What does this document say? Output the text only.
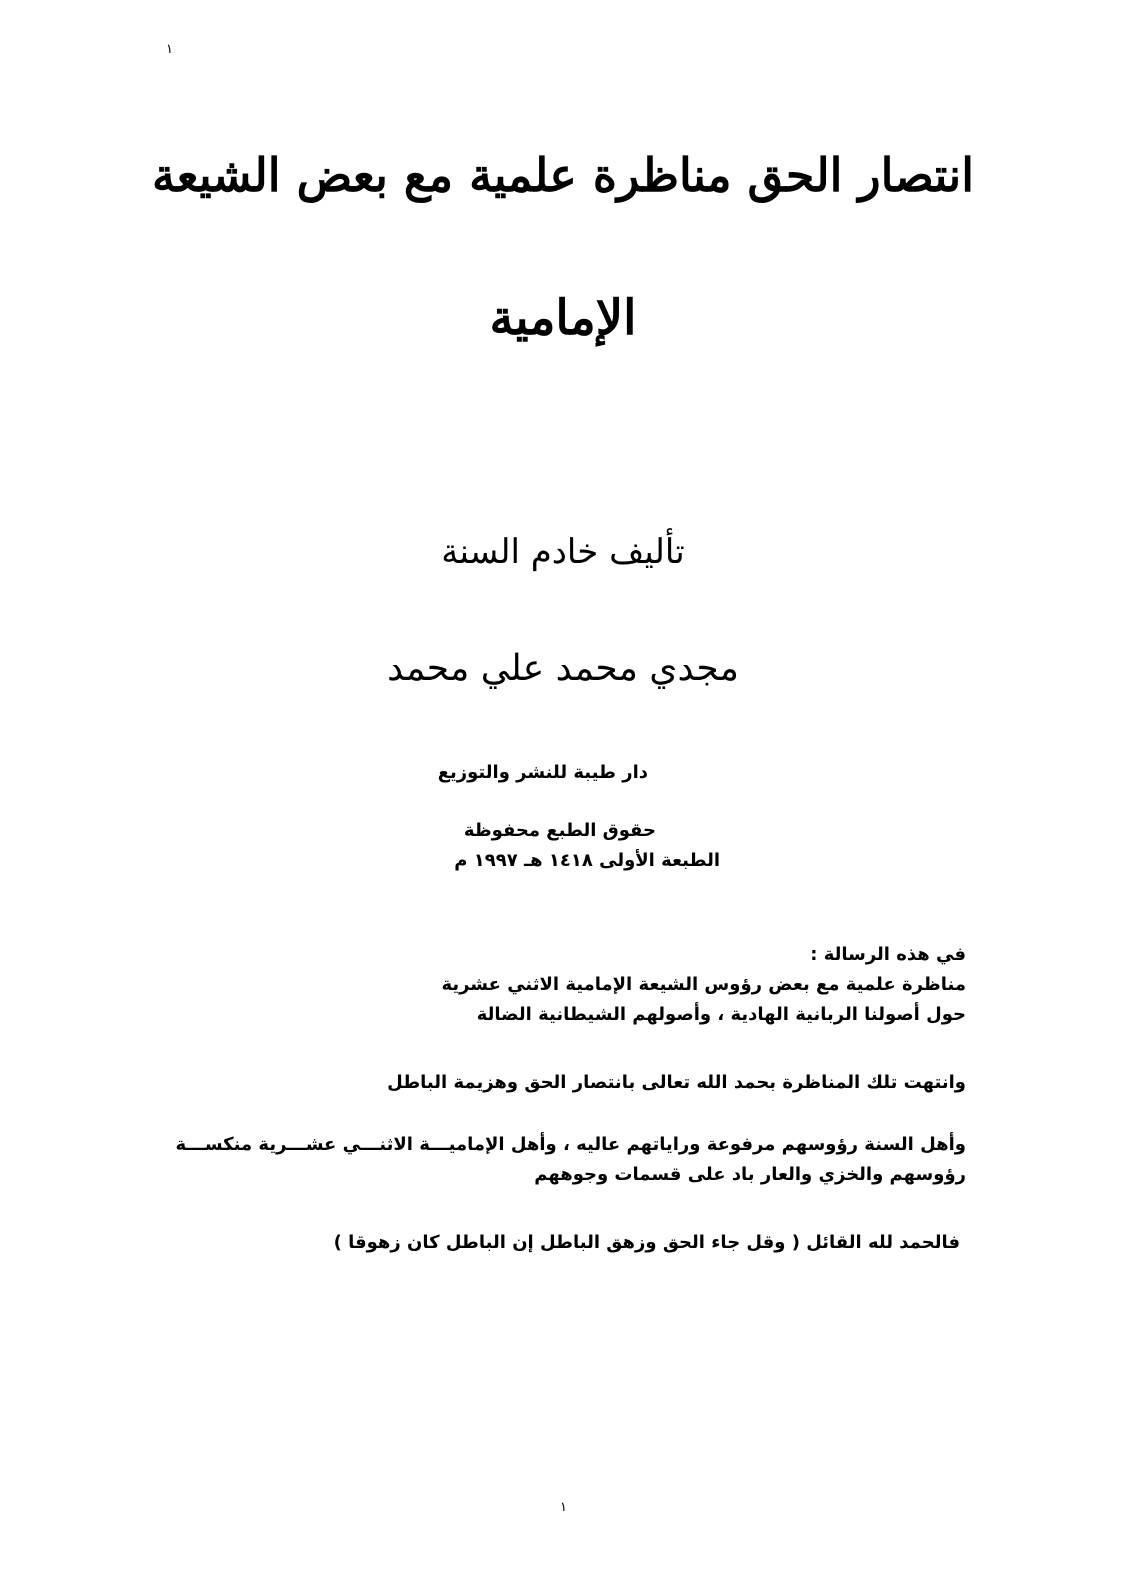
١
انتصار الحق مناظرة علمية مع بعض الشيعة
الإمامية
تأليف خادم السنة
مجدي محمد علي محمد
دار طيبة للنشر والتوزيع
حقوق الطبع محفوظة
الطبعة الأولى ١٤١٨ هـ ١٩٩٧ م
في هذه الرسالة :
مناظرة علمية مع بعض رؤوس الشيعة الإمامية الاثني عشرية
حول أصولنا الربانية الهادية ، وأصولهم الشيطانية الضالة
وانتهت تلك المناظرة بحمد الله تعالى بانتصار الحق وهزيمة الباطل
وأهل السنة رؤوسهم مرفوعة وراياتهم عاليه ، وأهل الإماميـــة الاثنـــي عشـــرية منكســـة
رؤوسهم والخزي والعار باد على قسمات وجوههم
فالحمد لله القائل ( وقل جاء الحق وزهق الباطل إن الباطل كان زهوقا )
١
